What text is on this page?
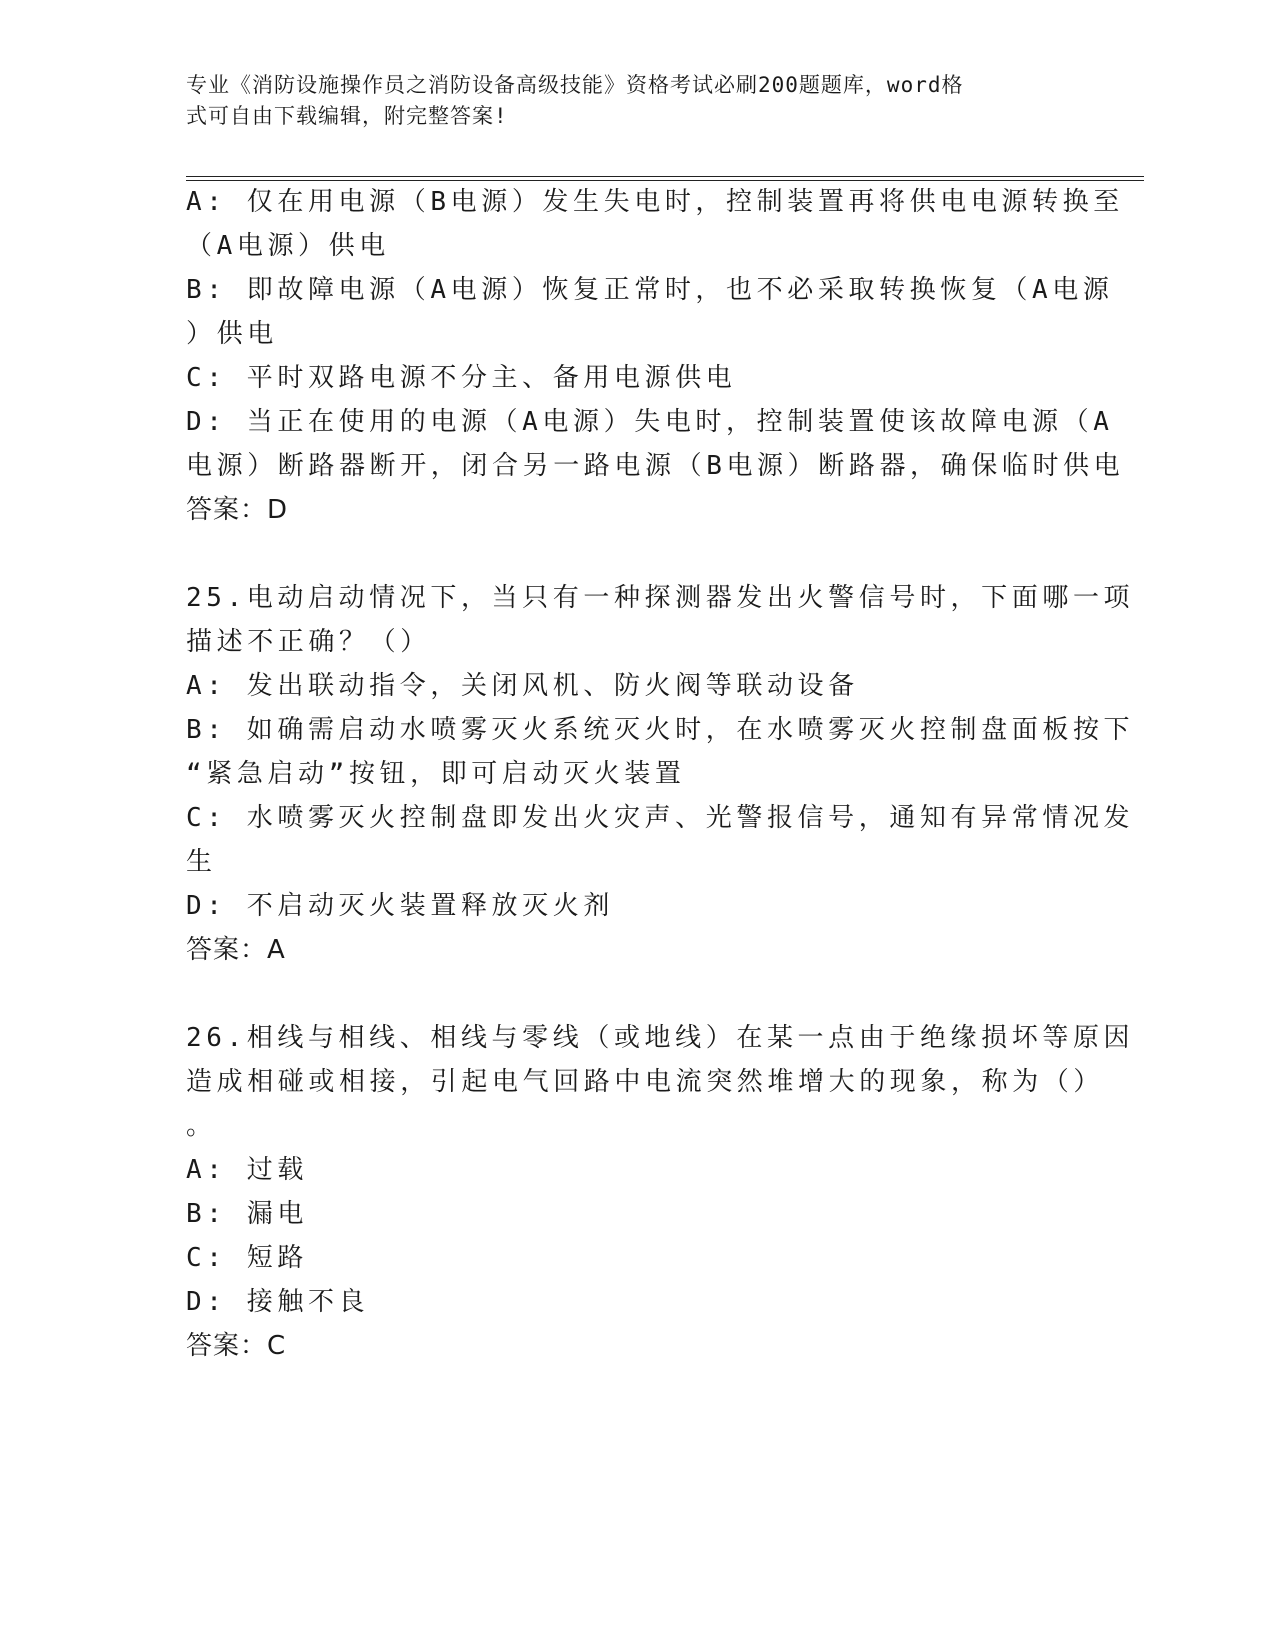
专业《消防设施操作员之消防设备高级技能》资格考试必刷200题题库，word格
式可自由下载编辑，附完整答案!
A: 仅在用电源（B电源）发生失电时，控制装置再将供电电源转换至
（A电源）供电
B: 即故障电源（A电源）恢复正常时，也不必采取转换恢复（A电源
）供电
C: 平时双路电源不分主、备用电源供电
D: 当正在使用的电源（A电源）失电时，控制装置使该故障电源（A
电源）断路器断开，闭合另一路电源（B电源）断路器，确保临时供电
答案：D
25.电动启动情况下，当只有一种探测器发出火警信号时，下面哪一项
描述不正确？（）
A: 发出联动指令，关闭风机、防火阀等联动设备
B: 如确需启动水喷雾灭火系统灭火时，在水喷雾灭火控制盘面板按下
“紧急启动”按钮，即可启动灭火装置
C: 水喷雾灭火控制盘即发出火灾声、光警报信号，通知有异常情况发
生
D: 不启动灭火装置释放灭火剂
答案：A
26.相线与相线、相线与零线（或地线）在某一点由于绝缘损坏等原因
造成相碰或相接，引起电气回路中电流突然堆增大的现象，称为（）
。
A: 过载
B: 漏电
C: 短路
D: 接触不良
答案：C
